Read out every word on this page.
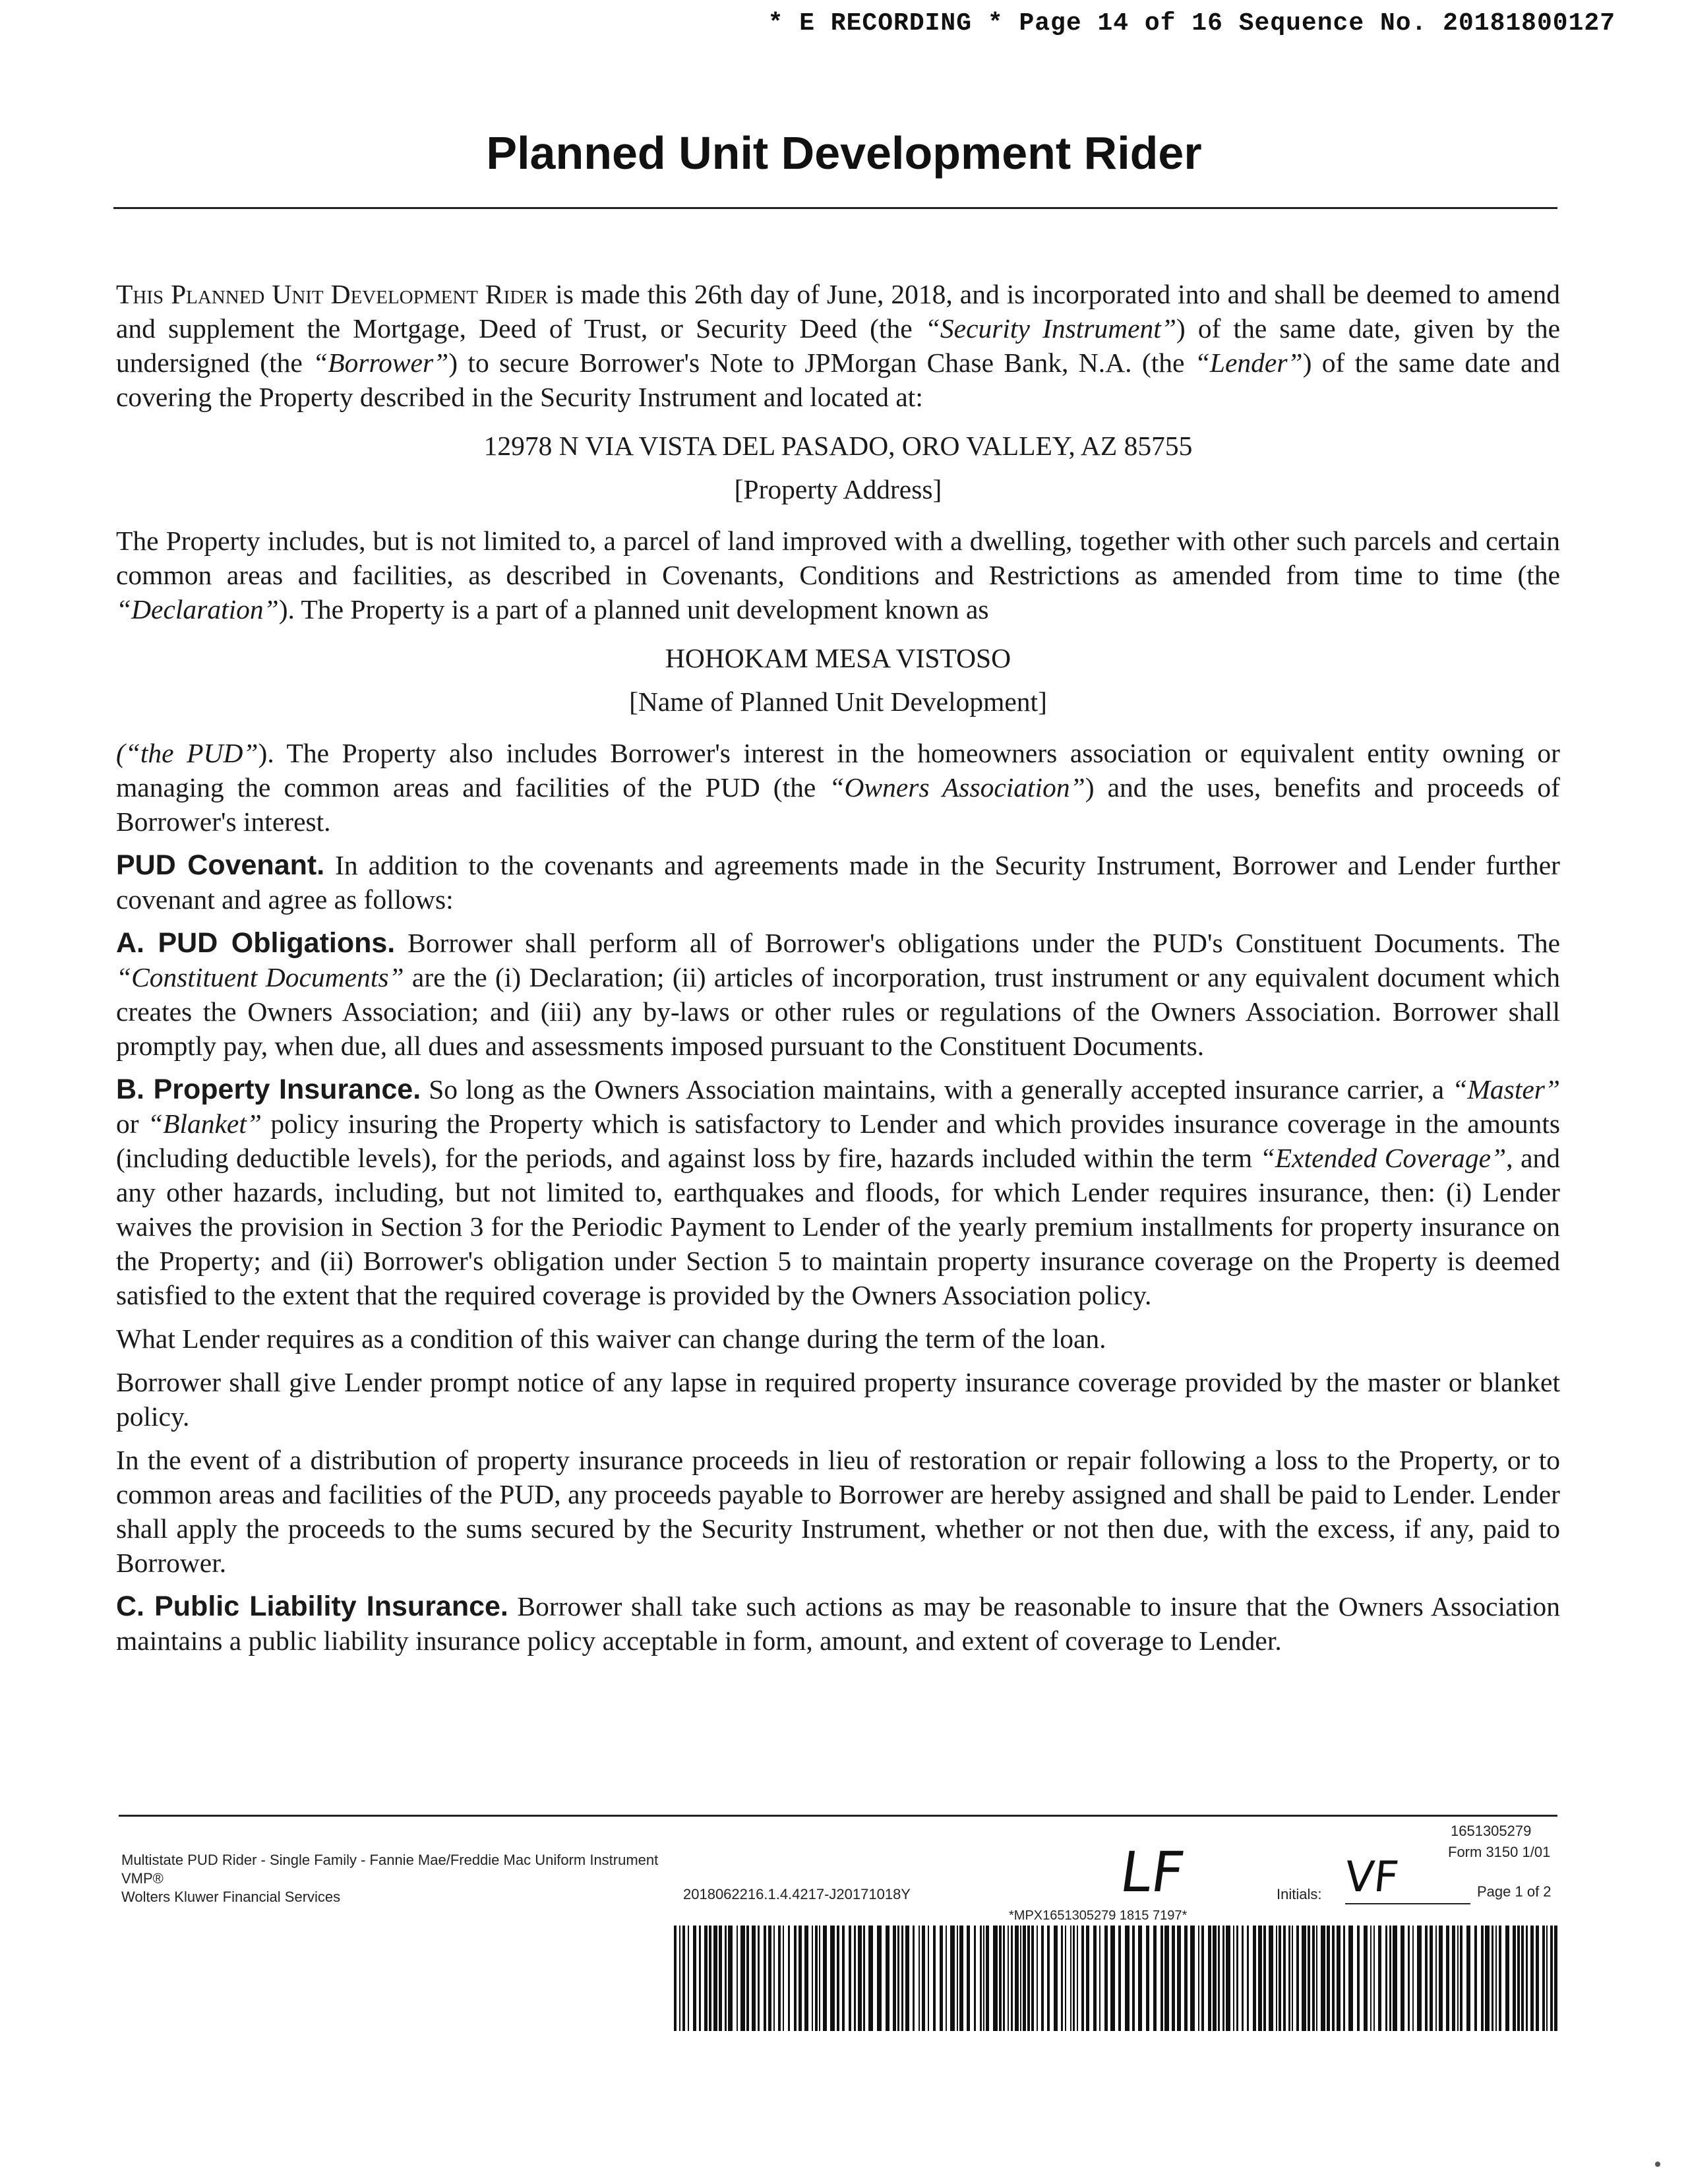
* E RECORDING * Page 14 of 16 Sequence No. 20181800127
Planned Unit Development Rider

This Planned Unit Development Rider is made this 26th day of June, 2018, and is incorporated into and shall be deemed to amend and supplement the Mortgage, Deed of Trust, or Security Deed (the “Security Instrument”) of the same date, given by the undersigned (the “Borrower”) to secure Borrower's Note to JPMorgan Chase Bank, N.A. (the “Lender”) of the same date and covering the Property described in the Security Instrument and located at:

12978 N VIA VISTA DEL PASADO, ORO VALLEY, AZ 85755

[Property Address]

The Property includes, but is not limited to, a parcel of land improved with a dwelling, together with other such parcels and certain common areas and facilities, as described in Covenants, Conditions and Restrictions as amended from time to time (the “Declaration”). The Property is a part of a planned unit development known as

HOHOKAM MESA VISTOSO

[Name of Planned Unit Development]

(“the PUD”). The Property also includes Borrower's interest in the homeowners association or equivalent entity owning or managing the common areas and facilities of the PUD (the “Owners Association”) and the uses, benefits and proceeds of Borrower's interest.

PUD Covenant. In addition to the covenants and agreements made in the Security Instrument, Borrower and Lender further covenant and agree as follows:

A. PUD Obligations. Borrower shall perform all of Borrower's obligations under the PUD's Constituent Documents. The “Constituent Documents” are the (i) Declaration; (ii) articles of incorporation, trust instrument or any equivalent document which creates the Owners Association; and (iii) any by-laws or other rules or regulations of the Owners Association. Borrower shall promptly pay, when due, all dues and assessments imposed pursuant to the Constituent Documents.

B. Property Insurance. So long as the Owners Association maintains, with a generally accepted insurance carrier, a “Master” or “Blanket” policy insuring the Property which is satisfactory to Lender and which provides insurance coverage in the amounts (including deductible levels), for the periods, and against loss by fire, hazards included within the term “Extended Coverage”, and any other hazards, including, but not limited to, earthquakes and floods, for which Lender requires insurance, then: (i) Lender waives the provision in Section 3 for the Periodic Payment to Lender of the yearly premium installments for property insurance on the Property; and (ii) Borrower's obligation under Section 5 to maintain property insurance coverage on the Property is deemed satisfied to the extent that the required coverage is provided by the Owners Association policy.

What Lender requires as a condition of this waiver can change during the term of the loan.

Borrower shall give Lender prompt notice of any lapse in required property insurance coverage provided by the master or blanket policy.

In the event of a distribution of property insurance proceeds in lieu of restoration or repair following a loss to the Property, or to common areas and facilities of the PUD, any proceeds payable to Borrower are hereby assigned and shall be paid to Lender. Lender shall apply the proceeds to the sums secured by the Security Instrument, whether or not then due, with the excess, if any, paid to Borrower.

C. Public Liability Insurance. Borrower shall take such actions as may be reasonable to insure that the Owners Association maintains a public liability insurance policy acceptable in form, amount, and extent of coverage to Lender.

1651305279
Form 3150 1/01
Multistate PUD Rider - Single Family - Fannie Mae/Freddie Mac Uniform Instrument
VMP®
Wolters Kluwer Financial Services	2018062216.1.4.4217-J20171018Y	Initials:	Page 1 of 2
*MPX1651305279 1815 7197*
LF	VF
